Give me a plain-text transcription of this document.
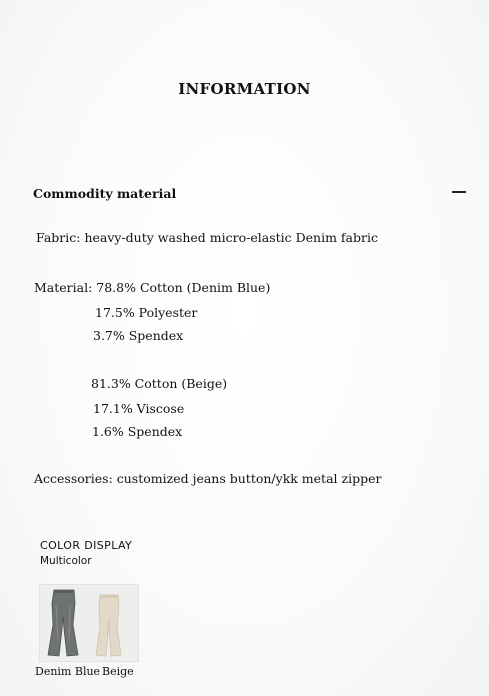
INFORMATION
Commodity material
Fabric: heavy-duty washed micro-elastic Denim fabric
Material: 78.8% Cotton (Denim Blue)
17.5% Polyester
3.7% Spendex
81.3% Cotton (Beige)
17.1% Viscose
1.6% Spendex
Accessories: customized jeans button/ykk metal zipper
COLOR DISPLAY
Multicolor
Denim Blue Beige
